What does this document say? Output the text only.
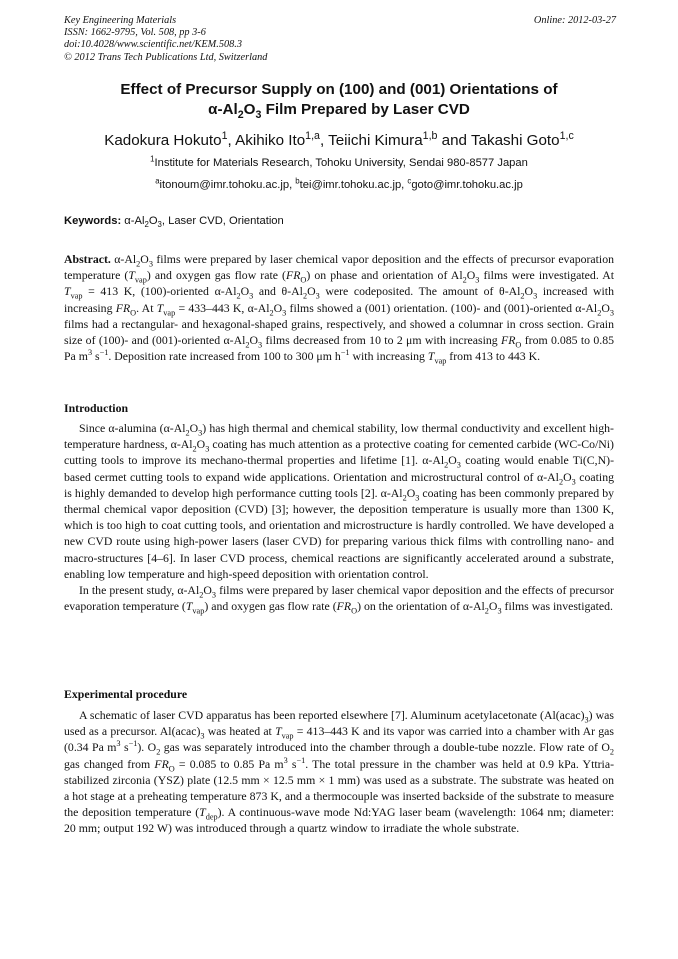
Key Engineering Materials
ISSN: 1662-9795, Vol. 508, pp 3-6
doi:10.4028/www.scientific.net/KEM.508.3
© 2012 Trans Tech Publications Ltd, Switzerland
Online: 2012-03-27
Effect of Precursor Supply on (100) and (001) Orientations of
$\alpha-Al_2O_3$ Film Prepared by Laser CVD
Kadokura Hokuto$^1$, Akihiko Ito$^{1,a}$, Teiichi Kimura$^{1,b}$ and Takashi Goto$^{1,c}$
$^1$Institute for Materials Research, Tohoku University, Sendai 980-8577 Japan
$^a$itonoum@imr.tohoku.ac.jp, $^b$tei@imr.tohoku.ac.jp, $^c$goto@imr.tohoku.ac.jp
Keywords: $\alpha-Al_2O_3$, Laser CVD, Orientation

Abstract. $\alpha-Al_2O_3$ films were prepared by laser chemical vapor deposition and the effects of precursor evaporation temperature $(T_{vap})$ and oxygen gas flow rate $(FR_O)$ on phase and orientation of $Al_2O_3$ films were investigated. At $T_{vap} = 413$ K, (100)-oriented $\alpha-Al_2O_3$ and $\theta-Al_2O_3$ were codeposited. The amount of $\theta-Al_2O_3$ increased with increasing $FR_O$. At $T_{vap} = 433-443$ K, $\alpha-Al_2O_3$ films showed a (001) orientation. (100)- and (001)-oriented $\alpha-Al_2O_3$ films had a rectangular- and hexagonal-shaped grains, respectively, and showed a columnar in cross section. Grain size of (100)- and (001)-oriented $\alpha-Al_2O_3$ films decreased from 10 to 2 μm with increasing $FR_O$ from 0.085 to 0.85 Pa $m^3$ $s^{-1}$. Deposition rate increased from 100 to 300 μm $h^{-1}$ with increasing $T_{vap}$ from 413 to 443 K.

Introduction

Since α-alumina $(\alpha-Al_2O_3)$ has high thermal and chemical stability, low thermal conductivity and excellent high-temperature hardness, $\alpha-Al_2O_3$ coating has much attention as a protective coating for cemented carbide (WC-Co/Ni) cutting tools to improve its mechano-thermal properties and lifetime [1]. $\alpha-Al_2O_3$ coating would enable Ti(C,N)-based cermet cutting tools to expand wide applications. Orientation and microstructural control of $\alpha-Al_2O_3$ coating is highly demanded to develop high performance cutting tools [2]. $\alpha-Al_2O_3$ coating has been commonly prepared by thermal chemical vapor deposition (CVD) [3]; however, the deposition temperature is usually more than 1300 K, which is too high to coat cutting tools, and orientation and microstructure is hardly controlled. We have developed a new CVD route using high-power lasers (laser CVD) for preparing various thick films with controlling nano- and macro-structures [4–6]. In laser CVD process, chemical reactions are significantly accelerated around a substrate, enabling low temperature and high-speed deposition with orientation control.

In the present study, $\alpha-Al_2O_3$ films were prepared by laser chemical vapor deposition and the effects of precursor evaporation temperature $(T_{vap})$ and oxygen gas flow rate $(FR_O)$ on the orientation of $\alpha-Al_2O_3$ films was investigated.

Experimental procedure

A schematic of laser CVD apparatus has been reported elsewhere [7]. Aluminum acetylacetonate $(Al(acac)_3)$ was used as a precursor. $Al(acac)_3$ was heated at $T_{vap} = 413-443$ K and its vapor was carried into a chamber with Ar gas (0.34 Pa $m^3$ $s^{-1}$). $O_2$ gas was separately introduced into the chamber through a double-tube nozzle. Flow rate of $O_2$ gas changed from $FR_O = 0.085$ to 0.85 Pa $m^3$ $s^{-1}$. The total pressure in the chamber was held at 0.9 kPa. Yttria-stabilized zirconia (YSZ) plate (12.5 mm × 12.5 mm × 1 mm) was used as a substrate. The substrate was heated on a hot stage at a preheating temperature 873 K, and a thermocouple was inserted backside of the substrate to measure the deposition temperature $(T_{dep})$. A continuous-wave mode Nd:YAG laser beam (wavelength: 1064 nm; diameter: 20 mm; output 192 W) was introduced through a quartz window to irradiate the whole substrate.
